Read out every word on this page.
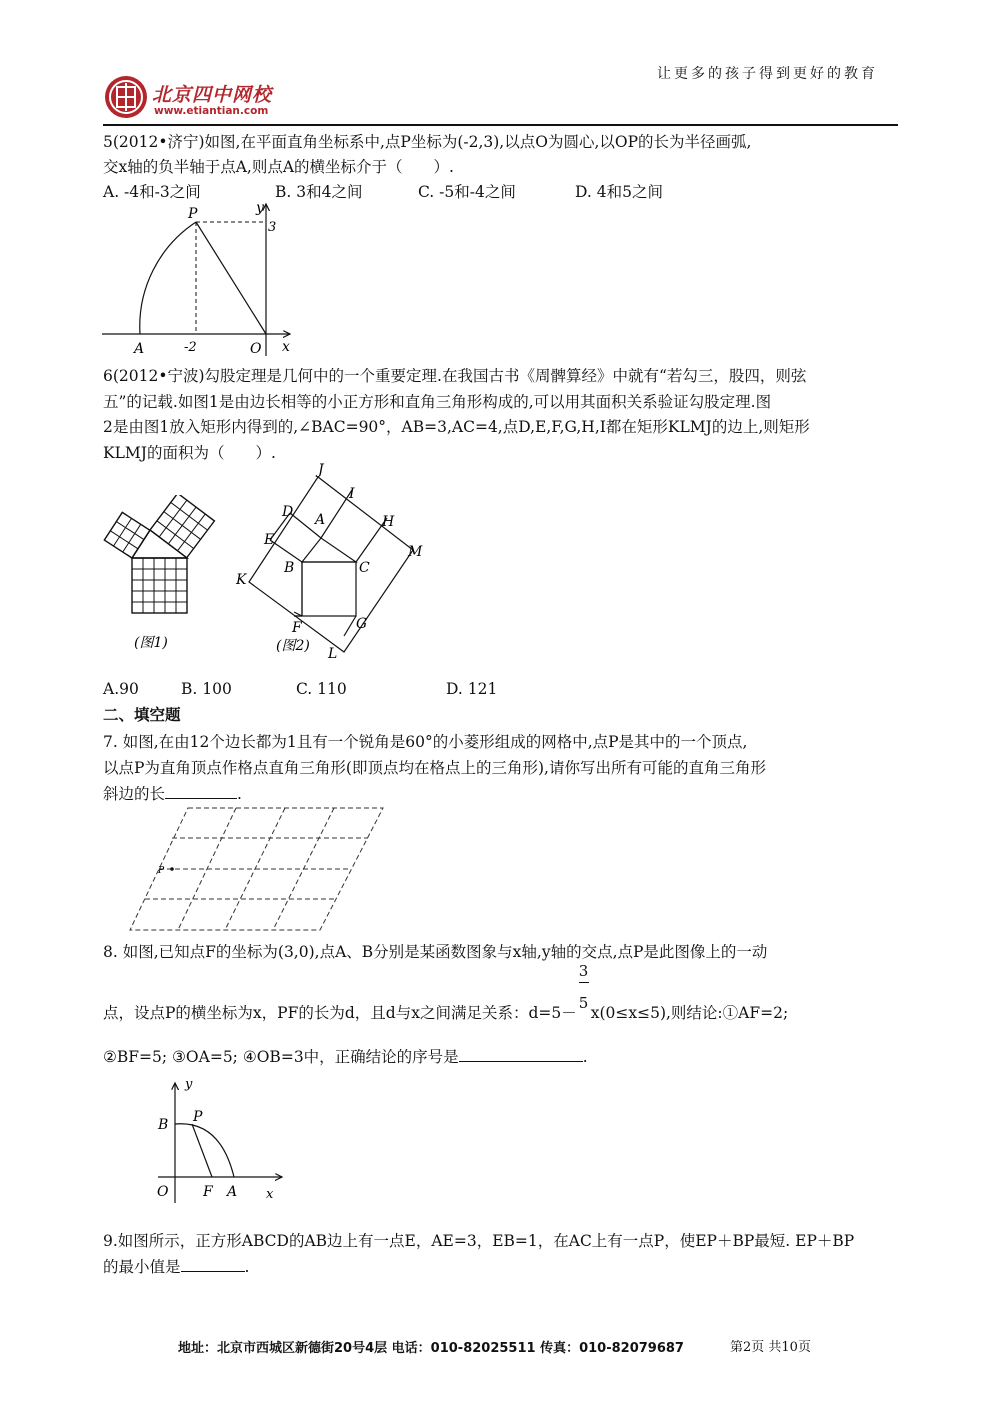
让更多的孩子得到更好的教育
北京四中网校
www.etiantian.com
5(2012•济宁)如图,在平面直角坐标系中,点P坐标为(-2,3),以点O为圆心,以OP的长为半径画弧,
交x轴的负半轴于点A,则点A的横坐标介于（　　）.
A. -4和-3之间	B. 3和4之间	C. -5和-4之间	D. 4和5之间
P	y
3
A	-2	O x
6(2012•宁波)勾股定理是几何中的一个重要定理.在我国古书《周髀算经》中就有“若勾三，股四，则弦
五”的记载.如图1是由边长相等的小正方形和直角三角形构成的,可以用其面积关系验证勾股定理.图
2是由图1放入矩形内得到的,∠BAC=90°，AB=3,AC=4,点D,E,F,G,H,I都在矩形KLMJ的边上,则矩形
KLMJ的面积为（　　）.
(图1)
J
I
D A	H
E
M
B	C
K
F	G
L
(图2)
A.90	B. 100	C. 110	D. 121
二、填空题
7. 如图,在由12个边长都为1且有一个锐角是60°的小菱形组成的网格中,点P是其中的一个顶点,
以点P为直角顶点作格点直角三角形(即顶点均在格点上的三角形),请你写出所有可能的直角三角形
斜边的长	.
P
8. 如图,已知点F的坐标为(3,0),点A、B分别是某函数图象与x轴,y轴的交点,点P是此图像上的一动
点，设点P的横坐标为x，PF的长为d，且d与x之间满足关系：$d=5- \frac{3}{5} x(0\le x\le 5)$,则结论:①AF=2;
②BF=5; ③OA=5; ④OB=3中，正确结论的序号是	.
y
B P
O F A x
9.如图所示，正方形ABCD的AB边上有一点E，AE=3，EB=1，在AC上有一点P，使EP＋BP最短. EP＋BP
的最小值是	.
地址：北京市西城区新德街20号4层 电话：010-82025511 传真：010-82079687	第2页 共10页
